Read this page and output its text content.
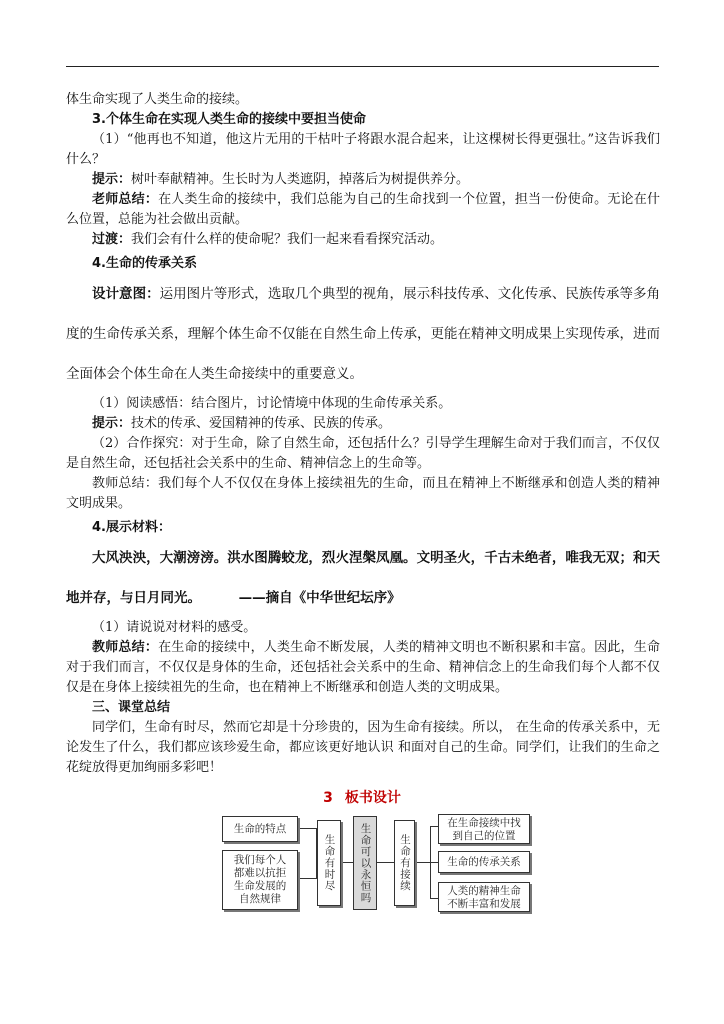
体生命实现了人类生命的接续。

3.个体生命在实现人类生命的接续中要担当使命

（1）“他再也不知道，他这片无用的干枯叶子将跟水混合起来，让这棵树长得更强壮。”这告诉我们什么？

提示：树叶奉献精神。生长时为人类遮阴，掉落后为树提供养分。

老师总结：在人类生命的接续中，我们总能为自己的生命找到一个位置，担当一份使命。无论在什么位置，总能为社会做出贡献。

过渡：我们会有什么样的使命呢？我们一起来看看探究活动。

4.生命的传承关系

设计意图：运用图片等形式，选取几个典型的视角，展示科技传承、文化传承、民族传承等多角度的生命传承关系，理解个体生命不仅能在自然生命上传承，更能在精神文明成果上实现传承，进而全面体会个体生命在人类生命接续中的重要意义。

（1）阅读感悟：结合图片，讨论情境中体现的生命传承关系。

提示：技术的传承、爱国精神的传承、民族的传承。

（2）合作探究：对于生命，除了自然生命，还包括什么？引导学生理解生命对于我们而言，不仅仅是自然生命，还包括社会关系中的生命、精神信念上的生命等。

教师总结：我们每个人不仅仅在身体上接续祖先的生命，而且在精神上不断继承和创造人类的精神文明成果。

4.展示材料：

大风泱泱，大潮滂滂。洪水图腾蛟龙，烈火涅槃凤凰。文明圣火，千古未绝者，唯我无双；和天地并存，与日月同光。        ——摘自《中华世纪坛序》

（1）请说说对材料的感受。

教师总结：在生命的接续中，人类生命不断发展，人类的精神文明也不断积累和丰富。因此，生命对于我们而言，不仅仅是身体的生命，还包括社会关系中的生命、精神信念上的生命我们每个人都不仅仅是在身体上接续祖先的生命，也在精神上不断继承和创造人类的文明成果。

三、课堂总结

同学们，生命有时尽，然而它却是十分珍贵的，因为生命有接续。所以， 在生命的传承关系中，无论发生了什么，我们都应该珍爱生命，都应该更好地认识 和面对自己的生命。同学们，让我们的生命之花绽放得更加绚丽多彩吧！

3 板书设计
生命的特点
我们每个人都难以抗拒生命发展的自然规律
生命有时尽	生命可以永恒吗	生命有接续
在生命接续中找到自己的位置
生命的传承关系
人类的精神生命不断丰富和发展
